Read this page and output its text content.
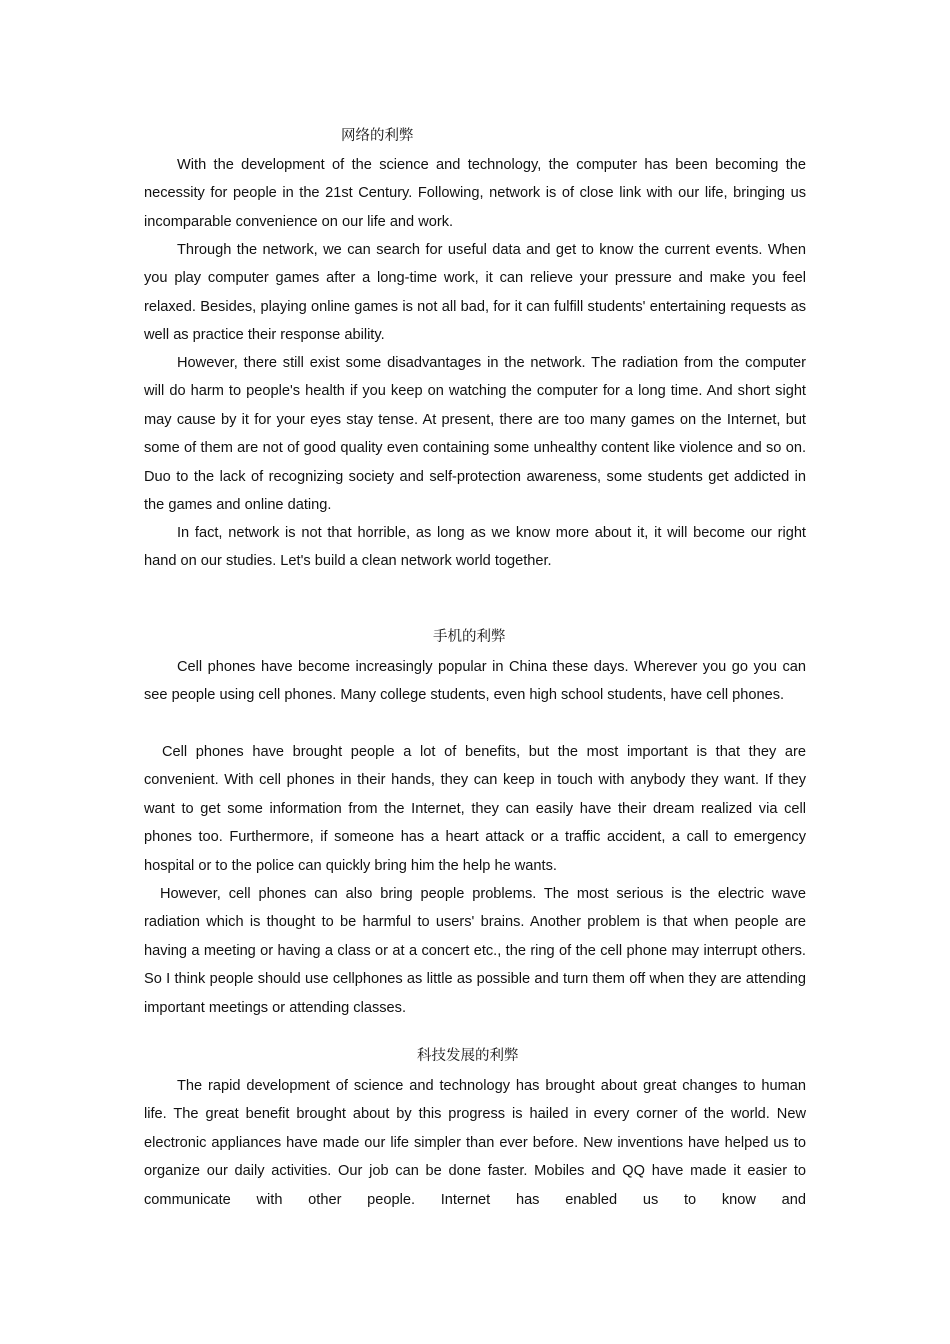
网络的利弊

With the development of the science and technology, the computer has been becoming the necessity for people in the 21st Century. Following, network is of close link with our life, bringing us incomparable convenience on our life and work.

Through the network, we can search for useful data and get to know the current events. When you play computer games after a long-time work, it can relieve your pressure and make you feel relaxed. Besides, playing online games is not all bad, for it can fulfill students' entertaining requests as well as practice their response ability.

However, there still exist some disadvantages in the network. The radiation from the computer will do harm to people's health if you keep on watching the computer for a long time. And short sight may cause by it for your eyes stay tense. At present, there are too many games on the Internet, but some of them are not of good quality even containing some unhealthy content like violence and so on. Duo to the lack of recognizing society and self-protection awareness, some students get addicted in the games and online dating.

In fact, network is not that horrible, as long as we know more about it, it will become our right hand on our studies. Let's build a clean network world together.

手机的利弊

Cell phones have become increasingly popular in China these days. Wherever you go you can see people using cell phones. Many college students, even high school students, have cell phones.

Cell phones have brought people a lot of benefits, but the most important is that they are convenient. With cell phones in their hands, they can keep in touch with anybody they want. If they want to get some information from the Internet, they can easily have their dream realized via cell phones too. Furthermore, if someone has a heart attack or a traffic accident, a call to emergency hospital or to the police can quickly bring him the help he wants.

However, cell phones can also bring people problems. The most serious is the electric wave radiation which is thought to be harmful to users' brains. Another problem is that when people are having a meeting or having a class or at a concert etc., the ring of the cell phone may interrupt others. So I think people should use cellphones as little as possible and turn them off when they are attending important meetings or attending classes.

科技发展的利弊

The rapid development of science and technology has brought about great changes to human life. The great benefit brought about by this progress is hailed in every corner of the world. New electronic appliances have made our life simpler than ever before. New inventions have helped us to organize our daily activities. Our job can be done faster. Mobiles and QQ have made it easier to communicate with other people. Internet has enabled us to know and
